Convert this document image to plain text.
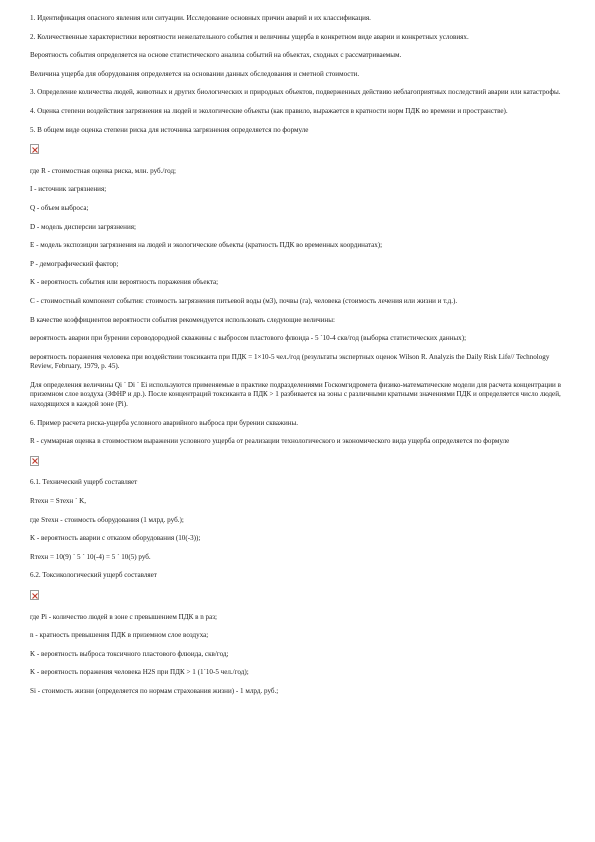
1. Идентификация опасного явления или ситуации. Исследование основных причин аварий и их классификация.

2. Количественные характеристики вероятности нежелательного события и величины ущерба в конкретном виде аварии и конкретных условиях.

Вероятность события определяется на основе статистического анализа событий на объектах, сходных с рассматриваемым.

Величина ущерба для оборудования определяется на основании данных обследования и сметной стоимости.

3. Определение количества людей, животных и других биологических и природных объектов, подверженных действию неблагоприятных последствий аварии или катастрофы.

4. Оценка степени воздействия загрязнения на людей и экологические объекты (как правило, выражается в кратности норм ПДК во времени и пространстве).

5. В общем виде оценка степени риска для источника загрязнения определяется по формуле

где R - стоимостная оценка риска, млн. руб./год;

I - источник загрязнения;

Q - объем выброса;

D - модель дисперсии загрязнения;

E - модель экспозиции загрязнения на людей и экологические объекты (кратность ПДК во временных координатах);

P - демографический фактор;

K - вероятность события или вероятность поражения объекта;

C - стоимостный компонент события: стоимость загрязнения питьевой воды (м3), почвы (га), человека (стоимость лечения или жизни и т.д.).

В качестве коэффициентов вероятности события рекомендуется использовать следующие величины:

вероятность аварии при бурении сероводородной скважины с выбросом пластового флюида - 5 ´10-4 скв/год (выборка статистических данных);

вероятность поражения человека при воздействии токсиканта при ПДК = 1×10-5 чел./год (результаты экспертных оценок Wilson R. Analyzis the Daily Risk Life// Technology Review, February, 1979, p. 45).

Для определения величины Qi ´ Di ´ Ei используются применяемые в практике подразделениями Госкомгидромета физико-математические модели для расчета концентрации в приземном слое воздуха (ЗФНР и др.). После концентраций токсиканта в ПДК > 1 разбивается на зоны с различными кратными значениями ПДК и определяется число людей, находящихся в каждой зоне (Pi).

6. Пример расчета риска-ущерба условного аварийного выброса при бурении скважины.

R - суммарная оценка в стоимостном выражении условного ущерба от реализации технологического и экономического вида ущерба определяется по формуле

6.1. Технический ущерб составляет

Rтехн = Sтехн ´ K,

где Sтехн - стоимость оборудования (1 млрд. руб.);

K - вероятность аварии с отказом оборудования (10(-3));

Rтехн = 10(9) ´ 5 ´ 10(-4) = 5 ´ 10(5) руб.

6.2. Токсикологический ущерб составляет

где Pi - количество людей в зоне с превышением ПДК в n раз;

n - кратность превышения ПДК в приземном слое воздуха;

K - вероятность выброса токсичного пластового флюида, скв/год;

K - вероятность поражения человека H2S при ПДК > 1 (1´10-5 чел./год);

Si - стоимость жизни (определяется по нормам страхования жизни) - 1 млрд. руб.;
